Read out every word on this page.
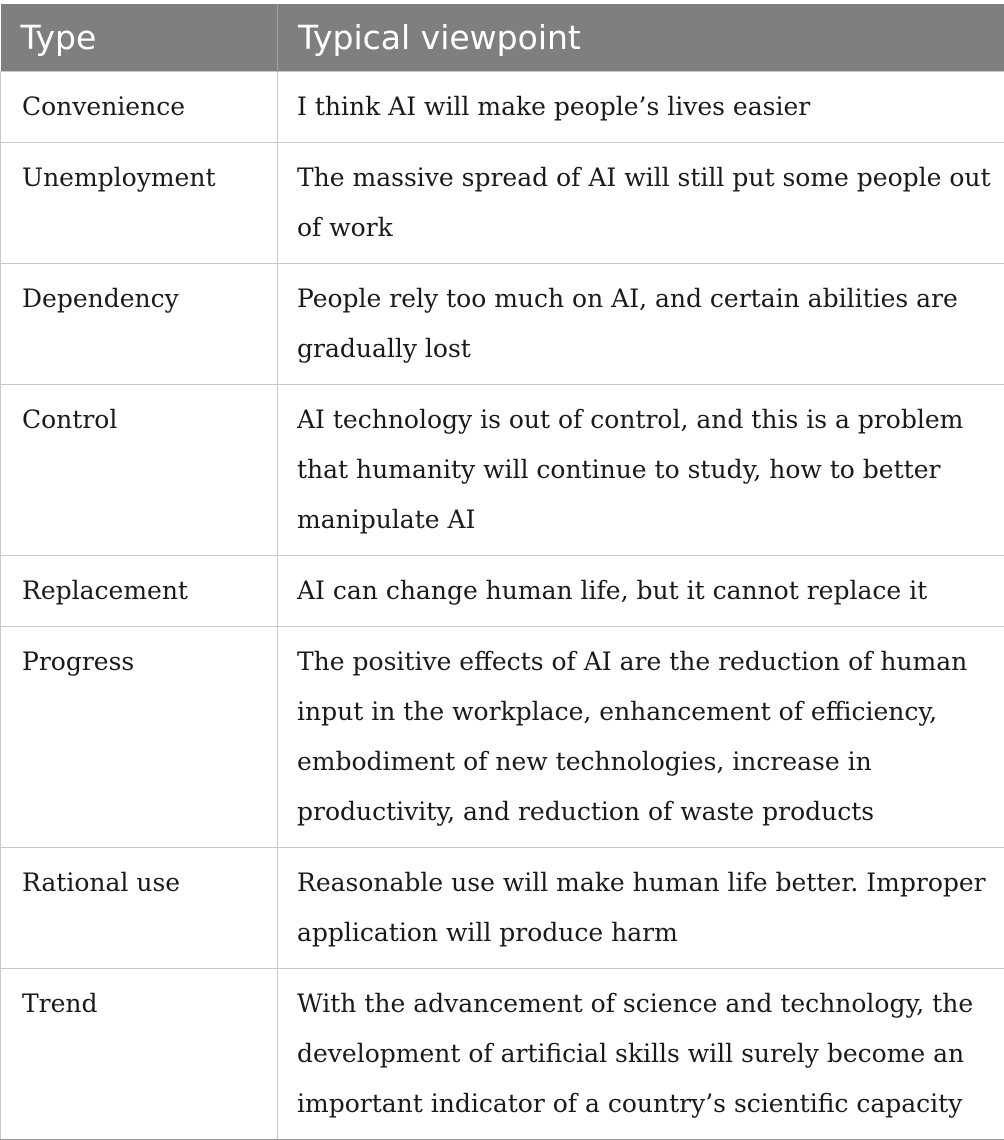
Type	Typical viewpoint
Convenience	I think AI will make people’s lives easier
Unemployment	The massive spread of AI will still put some people out of work
Dependency	People rely too much on AI, and certain abilities are gradually lost
Control	AI technology is out of control, and this is a problem that humanity will continue to study, how to better manipulate AI
Replacement	AI can change human life, but it cannot replace it
Progress	The positive effects of AI are the reduction of human input in the workplace, enhancement of efficiency, embodiment of new technologies, increase in productivity, and reduction of waste products
Rational use	Reasonable use will make human life better. Improper application will produce harm
Trend	With the advancement of science and technology, the development of artificial skills will surely become an important indicator of a country’s scientific capacity
